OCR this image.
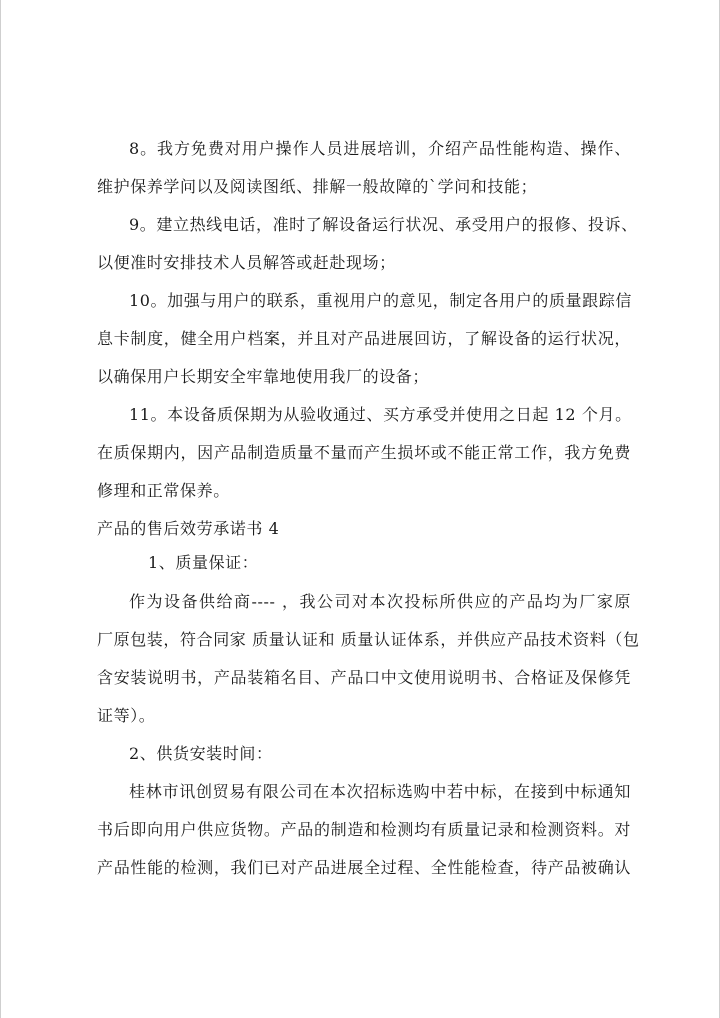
8。我方免费对用户操作人员进展培训，介绍产品性能构造、操作、
维护保养学问以及阅读图纸、排解一般故障的`学问和技能；
9。建立热线电话，准时了解设备运行状况、承受用户的报修、投诉、
以便准时安排技术人员解答或赶赴现场；
10。加强与用户的联系，重视用户的意见，制定各用户的质量跟踪信
息卡制度，健全用户档案，并且对产品进展回访，了解设备的运行状况，
以确保用户长期安全牢靠地使用我厂的设备；
11。本设备质保期为从验收通过、买方承受并使用之日起 12 个月。
在质保期内，因产品制造质量不量而产生损坏或不能正常工作，我方免费
修理和正常保养。
产品的售后效劳承诺书 4
1、质量保证：
作为设备供给商---- ，我公司对本次投标所供应的产品均为厂家原
厂原包装，符合同家 质量认证和 质量认证体系，并供应产品技术资料（包
含安装说明书，产品装箱名目、产品口中文使用说明书、合格证及保修凭
证等）。
2、供货安装时间：
桂林市讯创贸易有限公司在本次招标选购中若中标，在接到中标通知
书后即向用户供应货物。产品的制造和检测均有质量记录和检测资料。对
产品性能的检测，我们已对产品进展全过程、全性能检查，待产品被确认
